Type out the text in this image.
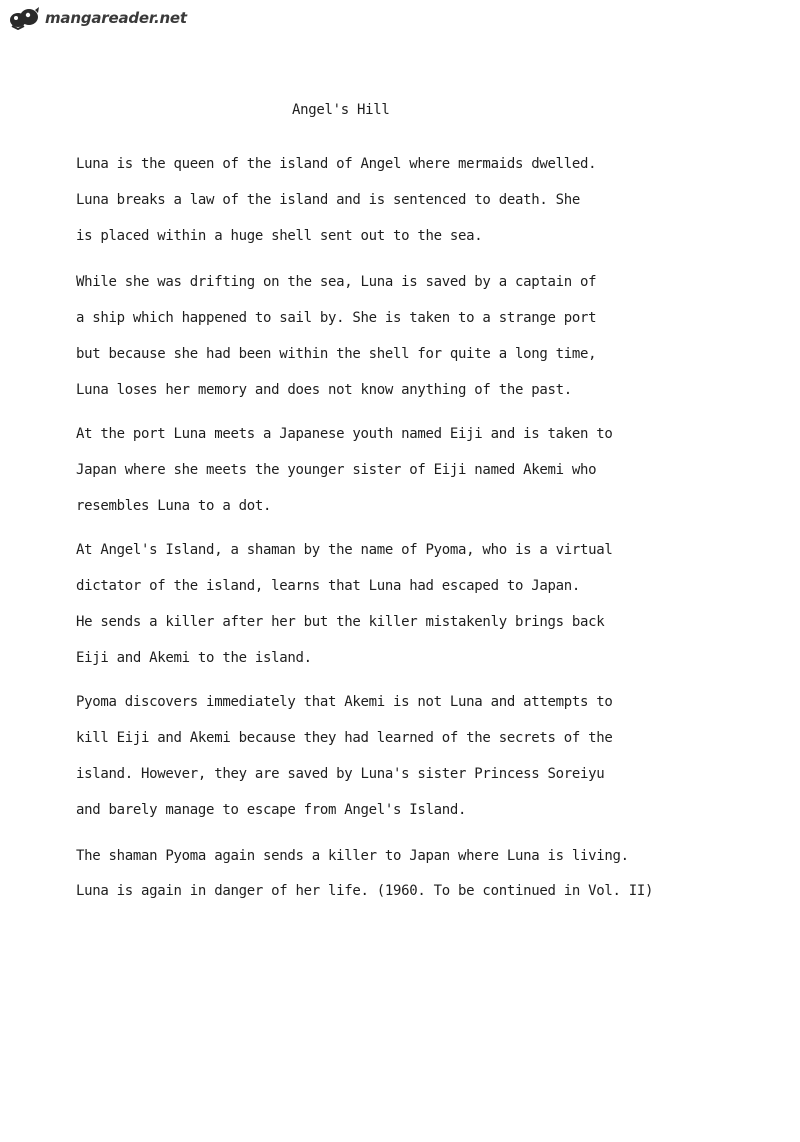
mangareader.net
Angel's Hill
Luna is the queen of the island of Angel where mermaids dwelled.
Luna breaks a law of the island and is sentenced to death. She
is placed within a huge shell sent out to the sea.
While she was drifting on the sea, Luna is saved by a captain of
a ship which happened to sail by. She is taken to a strange port
but because she had been within the shell for quite a long time,
Luna loses her memory and does not know anything of the past.
At the port Luna meets a Japanese youth named Eiji and is taken to
Japan where she meets the younger sister of Eiji named Akemi who
resembles Luna to a dot.
At Angel's Island, a shaman by the name of Pyoma, who is a virtual
dictator of the island, learns that Luna had escaped to Japan.
He sends a killer after her but the killer mistakenly brings back
Eiji and Akemi to the island.
Pyoma discovers immediately that Akemi is not Luna and attempts to
kill Eiji and Akemi because they had learned of the secrets of the
island. However, they are saved by Luna's sister Princess Soreiyu
and barely manage to escape from Angel's Island.
The shaman Pyoma again sends a killer to Japan where Luna is living.
Luna is again in danger of her life. (1960. To be continued in Vol. II)
